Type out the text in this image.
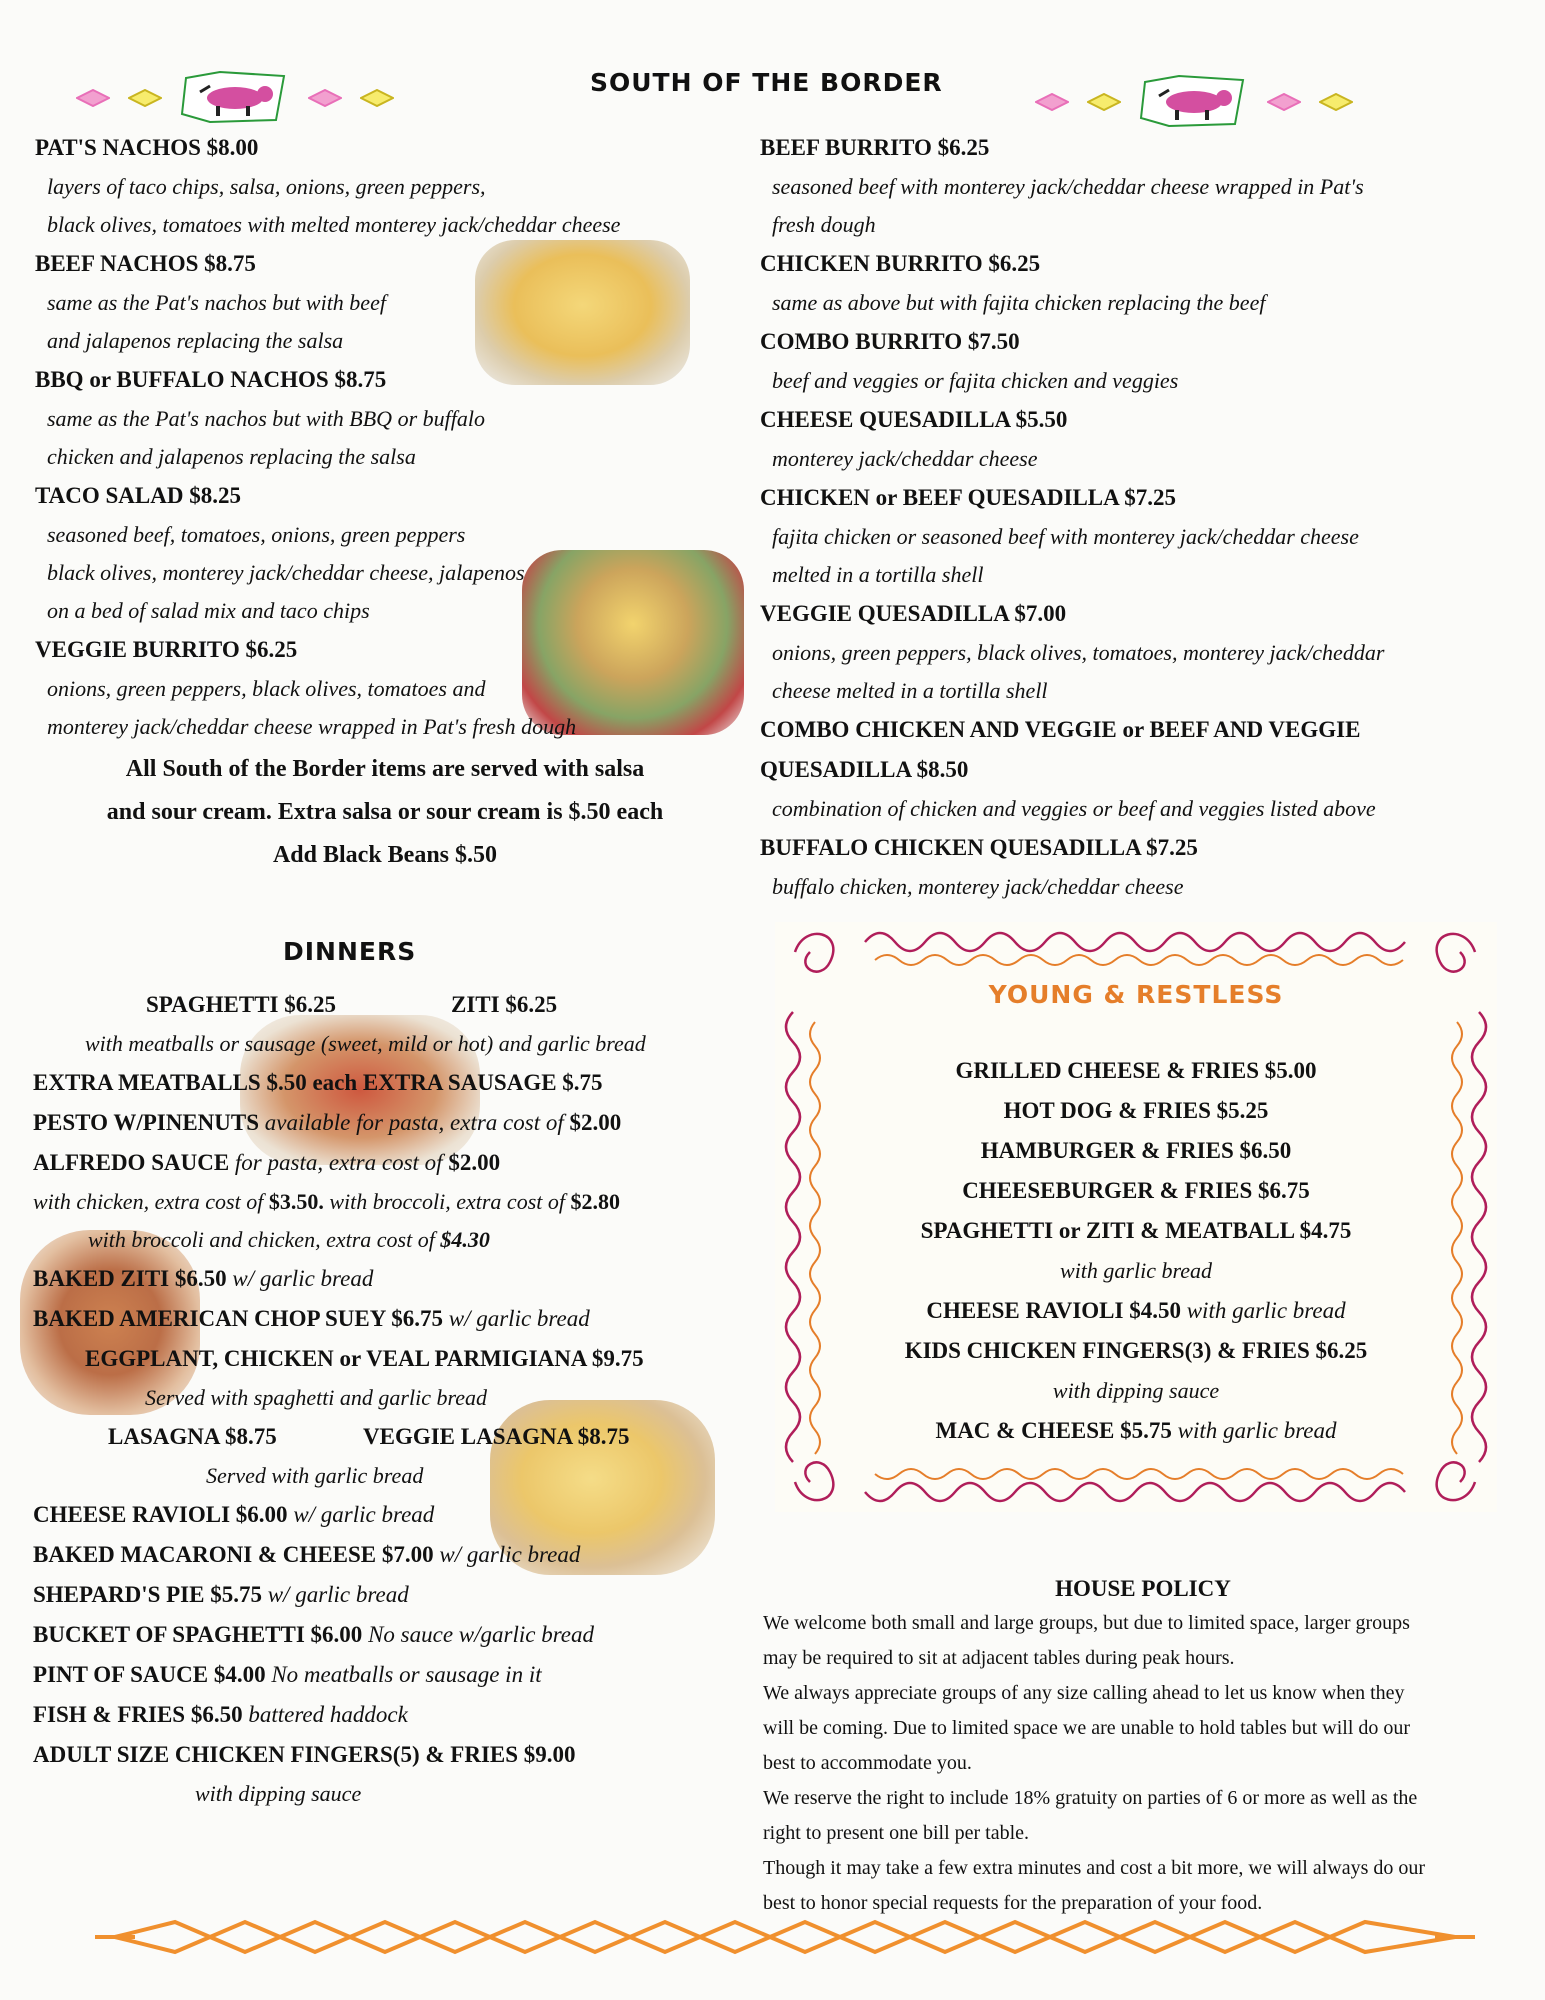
SOUTH OF THE BORDER
PAT'S NACHOS $8.00
layers of taco chips, salsa, onions, green peppers,
black olives, tomatoes with melted monterey jack/cheddar cheese
BEEF NACHOS $8.75
same as the Pat's nachos but with beef
and jalapenos replacing the salsa
BBQ or BUFFALO NACHOS $8.75
same as the Pat's nachos but with BBQ or buffalo
chicken and jalapenos replacing the salsa
TACO SALAD $8.25
seasoned beef, tomatoes, onions, green peppers
black olives, monterey jack/cheddar cheese, jalapenos
on a bed of salad mix and taco chips
VEGGIE BURRITO $6.25
onions, green peppers, black olives, tomatoes and
monterey jack/cheddar cheese wrapped in Pat's fresh dough
All South of the Border items are served with salsa
and sour cream. Extra salsa or sour cream is $.50 each
Add Black Beans $.50
BEEF BURRITO $6.25
seasoned beef with monterey jack/cheddar cheese wrapped in Pat's
fresh dough
CHICKEN BURRITO $6.25
same as above but with fajita chicken replacing the beef
COMBO BURRITO $7.50
beef and veggies or fajita chicken and veggies
CHEESE QUESADILLA $5.50
monterey jack/cheddar cheese
CHICKEN or BEEF QUESADILLA $7.25
fajita chicken or seasoned beef with monterey jack/cheddar cheese
melted in a tortilla shell
VEGGIE QUESADILLA $7.00
onions, green peppers, black olives, tomatoes, monterey jack/cheddar
cheese melted in a tortilla shell
COMBO CHICKEN AND VEGGIE or BEEF AND VEGGIE
QUESADILLA $8.50
combination of chicken and veggies or beef and veggies listed above
BUFFALO CHICKEN QUESADILLA $7.25
buffalo chicken, monterey jack/cheddar cheese
DINNERS
SPAGHETTI $6.25	ZITI $6.25
with meatballs or sausage (sweet, mild or hot) and garlic bread
EXTRA MEATBALLS $.50 each EXTRA SAUSAGE $.75
PESTO W/PINENUTS available for pasta, extra cost of $2.00
ALFREDO SAUCE for pasta, extra cost of $2.00
with chicken, extra cost of $3.50. with broccoli, extra cost of $2.80
with broccoli and chicken, extra cost of $4.30
BAKED ZITI $6.50 w/ garlic bread
BAKED AMERICAN CHOP SUEY $6.75 w/ garlic bread
EGGPLANT, CHICKEN or VEAL PARMIGIANA $9.75
Served with spaghetti and garlic bread
LASAGNA $8.75	VEGGIE LASAGNA $8.75
Served with garlic bread
CHEESE RAVIOLI $6.00 w/ garlic bread
BAKED MACARONI & CHEESE $7.00 w/ garlic bread
SHEPARD'S PIE $5.75 w/ garlic bread
BUCKET OF SPAGHETTI $6.00 No sauce w/garlic bread
PINT OF SAUCE $4.00 No meatballs or sausage in it
FISH & FRIES $6.50 battered haddock
ADULT SIZE CHICKEN FINGERS(5) & FRIES $9.00
with dipping sauce
YOUNG & RESTLESS
GRILLED CHEESE & FRIES $5.00
HOT DOG & FRIES $5.25
HAMBURGER & FRIES $6.50
CHEESEBURGER & FRIES $6.75
SPAGHETTI or ZITI & MEATBALL $4.75
with garlic bread
CHEESE RAVIOLI $4.50 with garlic bread
KIDS CHICKEN FINGERS(3) & FRIES $6.25
with dipping sauce
MAC & CHEESE $5.75 with garlic bread
HOUSE POLICY

We welcome both small and large groups, but due to limited space, larger groups

may be required to sit at adjacent tables during peak hours.

We always appreciate groups of any size calling ahead to let us know when they

will be coming. Due to limited space we are unable to hold tables but will do our

best to accommodate you.

We reserve the right to include 18% gratuity on parties of 6 or more as well as the

right to present one bill per table.

Though it may take a few extra minutes and cost a bit more, we will always do our

best to honor special requests for the preparation of your food.
